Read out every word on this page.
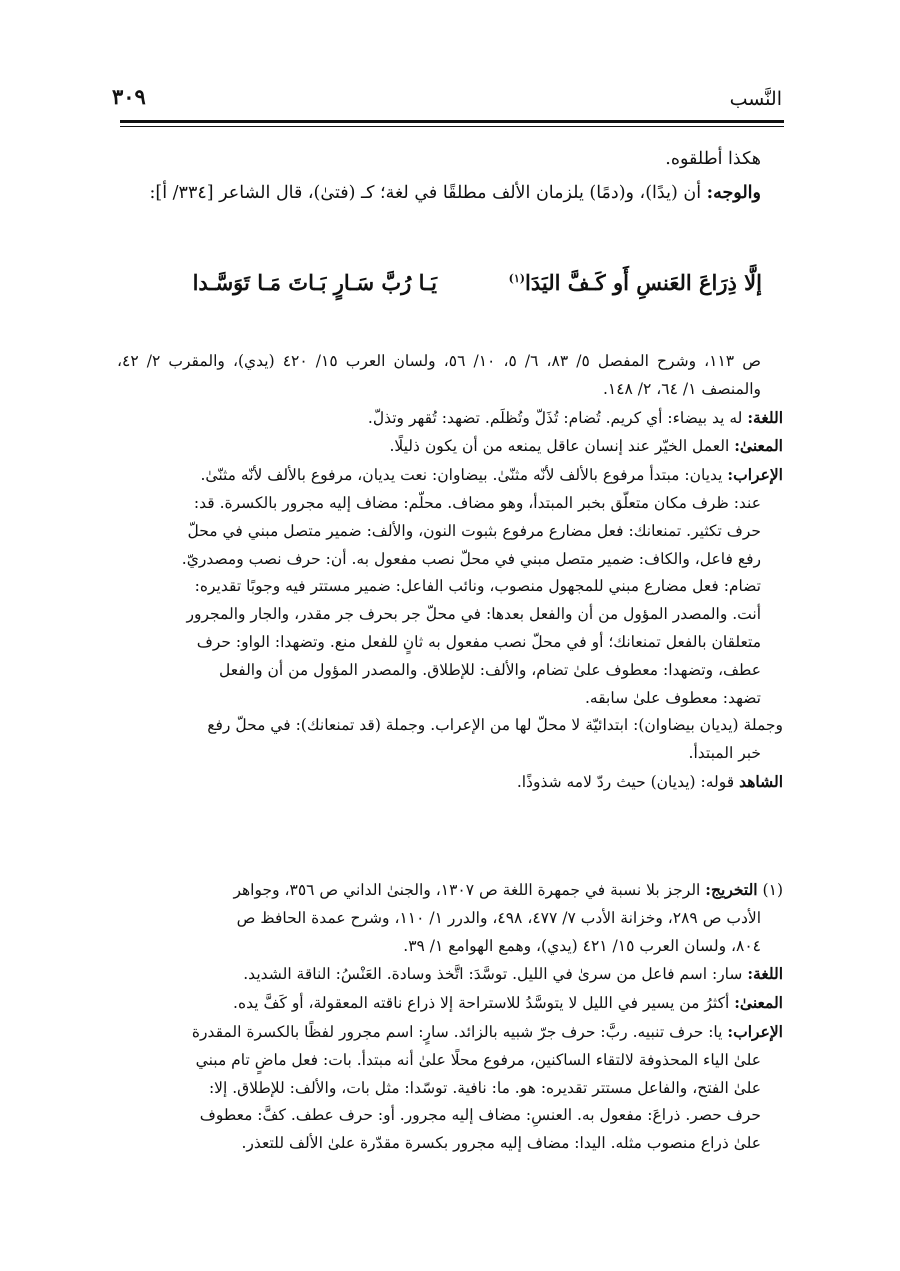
النَّسب
٣٠٩
هكذا أطلقوه.
والوجه: أن (يدًا)، و(دمًا) يلزمان الألف مطلقًا في لغة؛ كـ (فتىٰ)، قال الشاعر [٣٣٤/ أ]:
يَـا رُبَّ سَـارٍ بَـاتَ مَـا تَوَسَّـدا	إلَّا ذِرَاعَ العَنسِ أَو كَـفَّ اليَدَا$^{(١)}$
ص ١١٣، وشرح المفصل ٥/ ٨٣، ٦/ ٥، ١٠/ ٥٦، ولسان العرب ١٥/ ٤٢٠ (يدي)، والمقرب ٢/ ٤٢، والمنصف ١/ ٦٤، ٢/ ١٤٨.
اللغة: له يد بيضاء: أي كريم. تُضام: تُذَلّ وتُظلَم. تضهد: تُقهر وتذلّ.
المعنىٰ: العمل الخيّر عند إنسان عاقل يمنعه من أن يكون ذليلًا.
الإعراب: يديان: مبتدأ مرفوع بالألف لأنّه مثنّىٰ. بيضاوان: نعت يديان، مرفوع بالألف لأنّه مثنّىٰ.
عند: ظرف مكان متعلّق بخبر المبتدأ، وهو مضاف. محلّم: مضاف إليه مجرور بالكسرة. قد:
حرف تكثير. تمنعانك: فعل مضارع مرفوع بثبوت النون، والألف: ضمير متصل مبني في محلّ
رفع فاعل، والكاف: ضمير متصل مبني في محلّ نصب مفعول به. أن: حرف نصب ومصدريّ.
تضام: فعل مضارع مبني للمجهول منصوب، ونائب الفاعل: ضمير مستتر فيه وجوبًا تقديره:
أنت. والمصدر المؤول من أن والفعل بعدها: في محلّ جر بحرف جر مقدر، والجار والمجرور
متعلقان بالفعل تمنعانك؛ أو في محلّ نصب مفعول به ثانٍ للفعل منع. وتضهدا: الواو: حرف
عطف، وتضهدا: معطوف علىٰ تضام، والألف: للإطلاق. والمصدر المؤول من أن والفعل
تضهد: معطوف علىٰ سابقه.
وجملة (يديان بيضاوان): ابتدائيّة لا محلّ لها من الإعراب. وجملة (قد تمنعانك): في محلّ رفع
خبر المبتدأ.
الشاهد قوله: (يديان) حيث ردّ لامه شذوذًا.
(١) التخريج: الرجز بلا نسبة في جمهرة اللغة ص ١٣٠٧، والجنىٰ الداني ص ٣٥٦، وجواهر
الأدب ص ٢٨٩، وخزانة الأدب ٧/ ٤٧٧، ٤٩٨، والدرر ١/ ١١٠، وشرح عمدة الحافظ ص
٨٠٤، ولسان العرب ١٥/ ٤٢١ (يدي)، وهمع الهوامع ١/ ٣٩.
اللغة: سار: اسم فاعل من سرىٰ في الليل. توسَّدَ: اتَّخذ وسادة. العَنْسُ: الناقة الشديد.
المعنىٰ: أكثرُ من يسير في الليل لا يتوسَّدُ للاستراحة إلا ذراع ناقته المعقولة، أو كَفَّ يده.
الإعراب: يا: حرف تنبيه. ربَّ: حرف جرّ شبيه بالزائد. سارٍ: اسم مجرور لفظًا بالكسرة المقدرة
علىٰ الياء المحذوفة لالتقاء الساكنين، مرفوع محلًا علىٰ أنه مبتدأ. بات: فعل ماضٍ تام مبني
علىٰ الفتح، والفاعل مستتر تقديره: هو. ما: نافية. توسّدا: مثل بات، والألف: للإطلاق. إلا:
حرف حصر. ذراعَ: مفعول به. العنسِ: مضاف إليه مجرور. أو: حرف عطف. كفَّ: معطوف
علىٰ ذراع منصوب مثله. اليدا: مضاف إليه مجرور بكسرة مقدّرة علىٰ الألف للتعذر.
